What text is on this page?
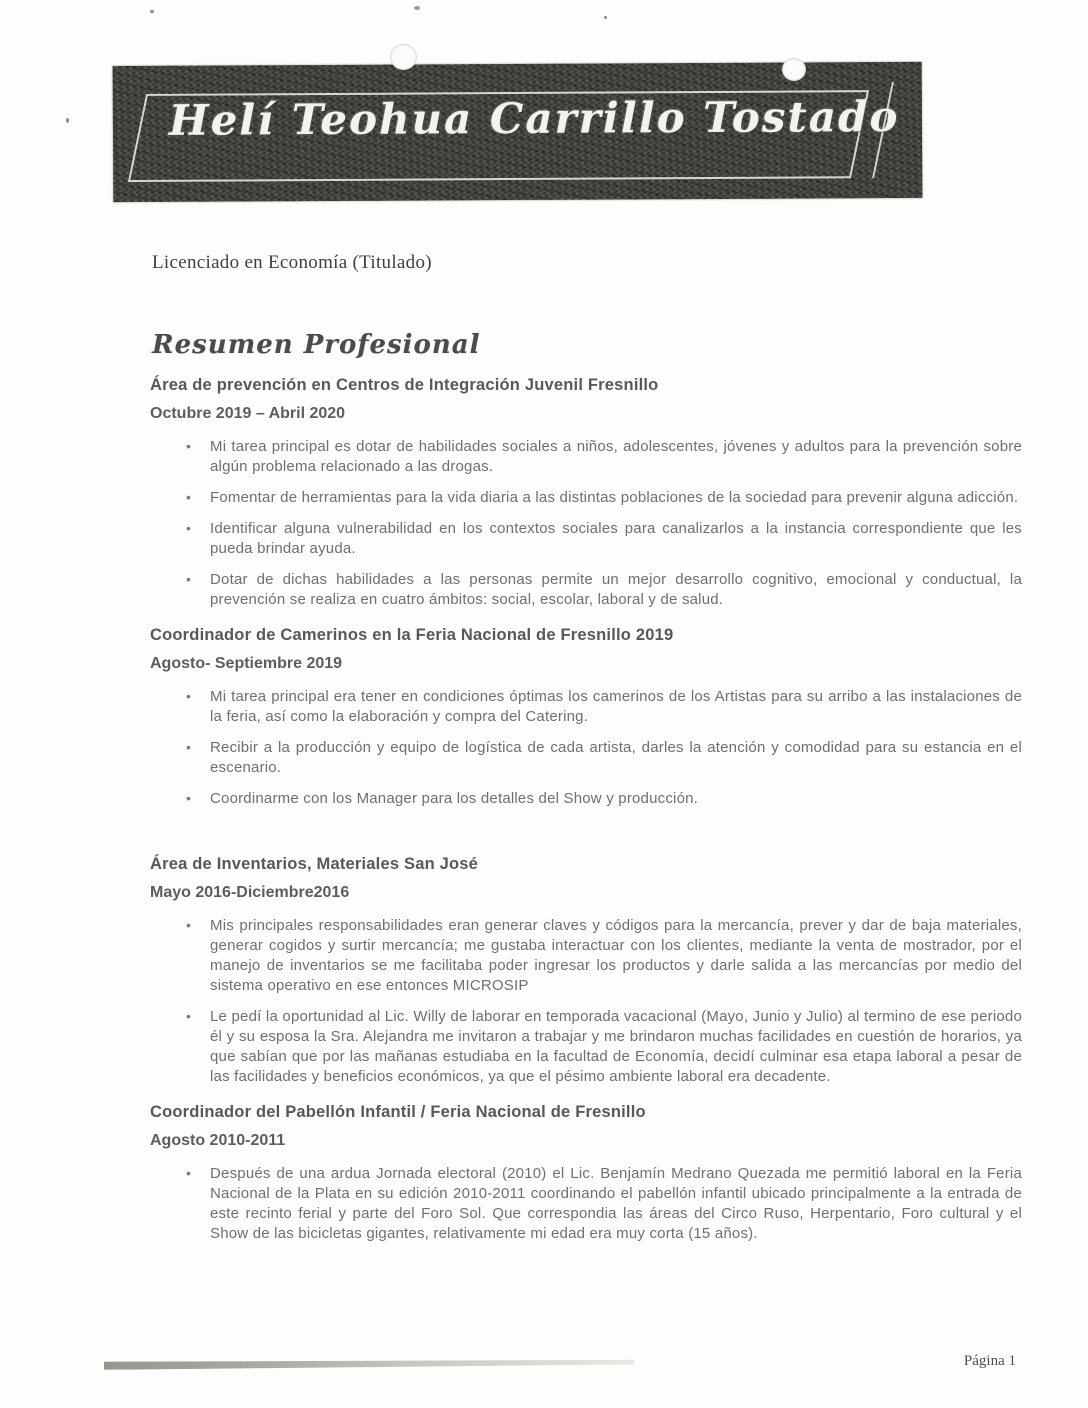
Helí Teohua Carrillo Tostado

Licenciado en Economía (Titulado)

Resumen Profesional
Área de prevención en Centros de Integración Juvenil Fresnillo
Octubre 2019 – Abril 2020
• Mi tarea principal es dotar de habilidades sociales a niños, adolescentes, jóvenes y adultos para la prevención sobre algún problema relacionado a las drogas.
• Fomentar de herramientas para la vida diaria a las distintas poblaciones de la sociedad para prevenir alguna adicción.
• Identificar alguna vulnerabilidad en los contextos sociales para canalizarlos a la instancia correspondiente que les pueda brindar ayuda.
• Dotar de dichas habilidades a las personas permite un mejor desarrollo cognitivo, emocional y conductual, la prevención se realiza en cuatro ámbitos: social, escolar, laboral y de salud.
Coordinador de Camerinos en la Feria Nacional de Fresnillo 2019
Agosto- Septiembre 2019
• Mi tarea principal era tener en condiciones óptimas los camerinos de los Artistas para su arribo a las instalaciones de la feria, así como la elaboración y compra del Catering.
• Recibir a la producción y equipo de logística de cada artista, darles la atención y comodidad para su estancia en el escenario.
• Coordinarme con los Manager para los detalles del Show y producción.
Área de Inventarios, Materiales San José
Mayo 2016-Diciembre2016
• Mis principales responsabilidades eran generar claves y códigos para la mercancía, prever y dar de baja materiales, generar cogidos y surtir mercancía; me gustaba interactuar con los clientes, mediante la venta de mostrador, por el manejo de inventarios se me facilitaba poder ingresar los productos y darle salida a las mercancías por medio del sistema operativo en ese entonces MICROSIP
• Le pedí la oportunidad al Lic. Willy de laborar en temporada vacacional (Mayo, Junio y Julio) al termino de ese periodo él y su esposa la Sra. Alejandra me invitaron a trabajar y me brindaron muchas facilidades en cuestión de horarios, ya que sabían que por las mañanas estudiaba en la facultad de Economía, decidí culminar esa etapa laboral a pesar de las facilidades y beneficios económicos, ya que el pésimo ambiente laboral era decadente.
Coordinador del Pabellón Infantil / Feria Nacional de Fresnillo
Agosto 2010-2011
• Después de una ardua Jornada electoral (2010) el Lic. Benjamín Medrano Quezada me permitió laboral en la Feria Nacional de la Plata en su edición 2010-2011 coordinando el pabellón infantil ubicado principalmente a la entrada de este recinto ferial y parte del Foro Sol. Que correspondia las áreas del Circo Ruso, Herpentario, Foro cultural y el Show de las bicicletas gigantes, relativamente mi edad era muy corta (15 años).
Página 1
